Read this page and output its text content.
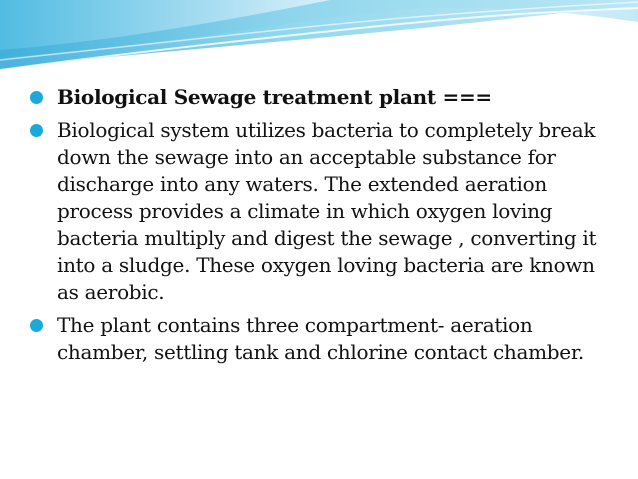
Biological Sewage treatment plant ===
Biological system utilizes bacteria to completely break down the sewage into an acceptable substance for discharge into any waters. The extended aeration process provides a climate in which oxygen loving bacteria multiply and digest the sewage , converting it into a sludge. These oxygen loving bacteria are known as aerobic.
The plant contains three compartment- aeration chamber, settling tank and chlorine contact chamber.
